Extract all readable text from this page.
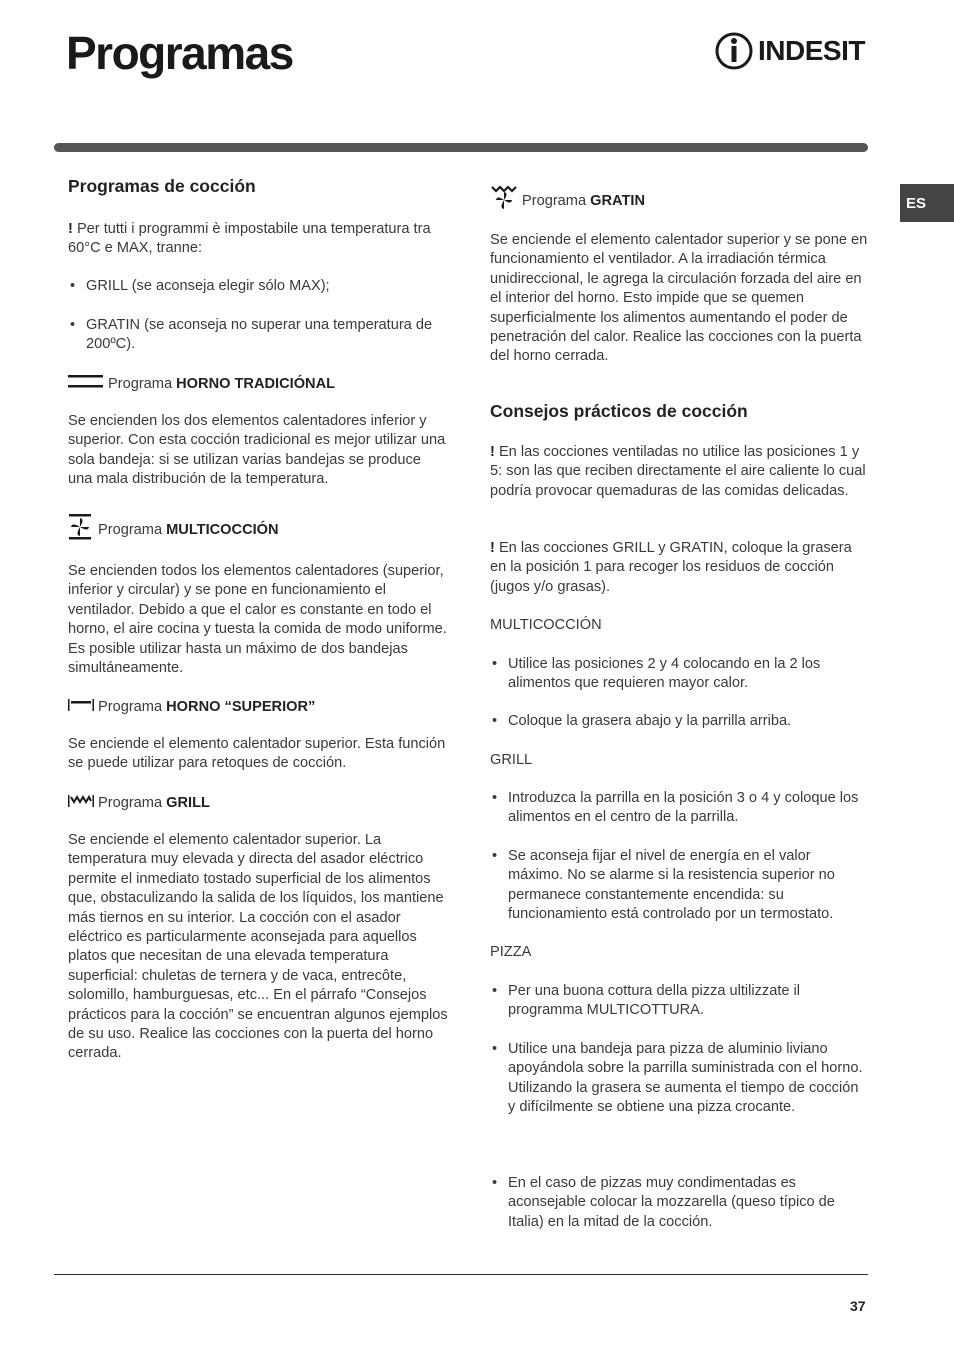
Programas	INDESIT
ES
Programas de cocción

! Per tutti i programmi è impostabile una temperatura tra 60°C e MAX, tranne:

• GRILL (se aconseja elegir sólo MAX);

• GRATIN (se aconseja no superar una temperatura de 200ºC).

Programa
HORNO TRADICIÓNAL

Se encienden los dos elementos calentadores inferior y superior. Con esta cocción tradicional es mejor utilizar una sola bandeja: si se utilizan varias bandejas se produce una mala distribución de la temperatura.

Programa
MULTICOCCIÓN

Se encienden todos los elementos calentadores (superior, inferior y circular) y se pone en funcionamiento el ventilador. Debido a que el calor es constante en todo el horno, el aire cocina y tuesta la comida de modo uniforme. Es posible utilizar hasta un máximo de dos bandejas simultáneamente.

Programa
HORNO “SUPERIOR”

Se enciende el elemento calentador superior. Esta función se puede utilizar para retoques de cocción.

Programa
GRILL

Se enciende el elemento calentador superior. La temperatura muy elevada y directa del asador eléctrico permite el inmediato tostado superficial de los alimentos que, obstaculizando la salida de los líquidos, los mantiene más tiernos en su interior. La cocción con el asador eléctrico es particularmente aconsejada para aquellos platos que necesitan de una elevada temperatura superficial: chuletas de ternera y de vaca, entrecôte, solomillo, hamburguesas, etc... En el párrafo “Consejos prácticos para la cocción” se encuentran algunos ejemplos de su uso. Realice las cocciones con la puerta del horno cerrada.

Programa
GRATIN

Se enciende el elemento calentador superior y se pone en funcionamiento el ventilador. A la irradiación térmica unidireccional, le agrega la circulación forzada del aire en el interior del horno. Esto impide que se quemen superficialmente los alimentos aumentando el poder de penetración del calor. Realice las cocciones con la puerta del horno cerrada.

Consejos prácticos de cocción

! En las cocciones ventiladas no utilice las posiciones 1 y 5: son las que reciben directamente el aire caliente lo cual podría provocar quemaduras de las comidas delicadas.

! En las cocciones GRILL y GRATIN, coloque la grasera en la posición 1 para recoger los residuos de cocción (jugos y/o grasas).

MULTICOCCIÓN

• Utilice las posiciones 2 y 4 colocando en la 2 los alimentos que requieren mayor calor.

• Coloque la grasera abajo y la parrilla arriba.

GRILL

• Introduzca la parrilla en la posición 3 o 4 y coloque los alimentos en el centro de la parrilla.

• Se aconseja fijar el nivel de energía en el valor máximo. No se alarme si la resistencia superior no permanece constantemente encendida: su funcionamiento está controlado por un termostato.

PIZZA

• Per una buona cottura della pizza ultilizzate il programma MULTICOTTURA.

• Utilice una bandeja para pizza de aluminio liviano apoyándola sobre la parrilla suministrada con el horno.
Utilizando la grasera se aumenta el tiempo de cocción y difícilmente se obtiene una pizza crocante.

• En el caso de pizzas muy condimentadas es aconsejable colocar la mozzarella (queso típico de Italia) en la mitad de la cocción.

37
